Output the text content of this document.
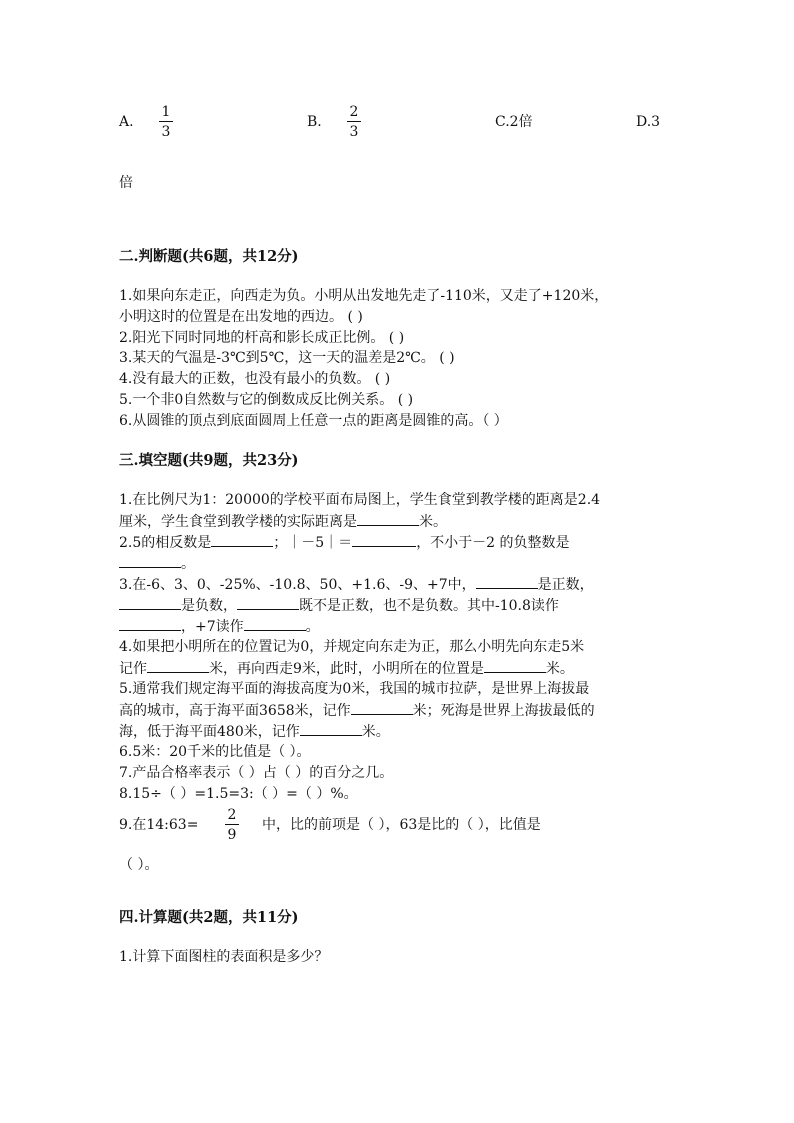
A.
1
3
B.
2
3
C.2倍	D.3
倍
二.判断题(共6题，共12分)
1.如果向东走正，向西走为负。小明从出发地先走了-110米，又走了+120米，
小明这时的位置是在出发地的西边。 ( )
2.阳光下同时同地的杆高和影长成正比例。 ( )
3.某天的气温是-3℃到5℃，这一天的温差是2℃。 ( )
4.没有最大的正数，也没有最小的负数。 ( )
5.一个非0自然数与它的倒数成反比例关系。 ( )
6.从圆锥的顶点到底面圆周上任意一点的距离是圆锥的高。（ ）
三.填空题(共9题，共23分)
1.在比例尺为1：20000的学校平面布局图上，学生食堂到教学楼的距离是2.4
厘米，学生食堂到教学楼的实际距离是	米。
2.5的相反数是	；｜－5｜＝	，不小于－2 的负整数是
。
3.在-6、3、0、-25%、-10.8、50、+1.6、-9、+7中，	是正数，
是负数，	既不是正数，也不是负数。其中-10.8读作
，+7读作	。
4.如果把小明所在的位置记为0，并规定向东走为正，那么小明先向东走5米
记作	米，再向西走9米，此时，小明所在的位置是	米。
5.通常我们规定海平面的海拔高度为0米，我国的城市拉萨，是世界上海拔最
高的城市，高于海平面3658米，记作	米；死海是世界上海拔最低的
海，低于海平面480米，记作	米。
6.5米：20千米的比值是（ ）。
7.产品合格率表示（ ）占（ ）的百分之几。
8.15÷（ ）=1.5=3:（ ）=（ ）%。
9.在14:63=
2
9
中，比的前项是（ ），63是比的（ ），比值是
（ ）。
四.计算题(共2题，共11分)
1.计算下面图柱的表面积是多少？
